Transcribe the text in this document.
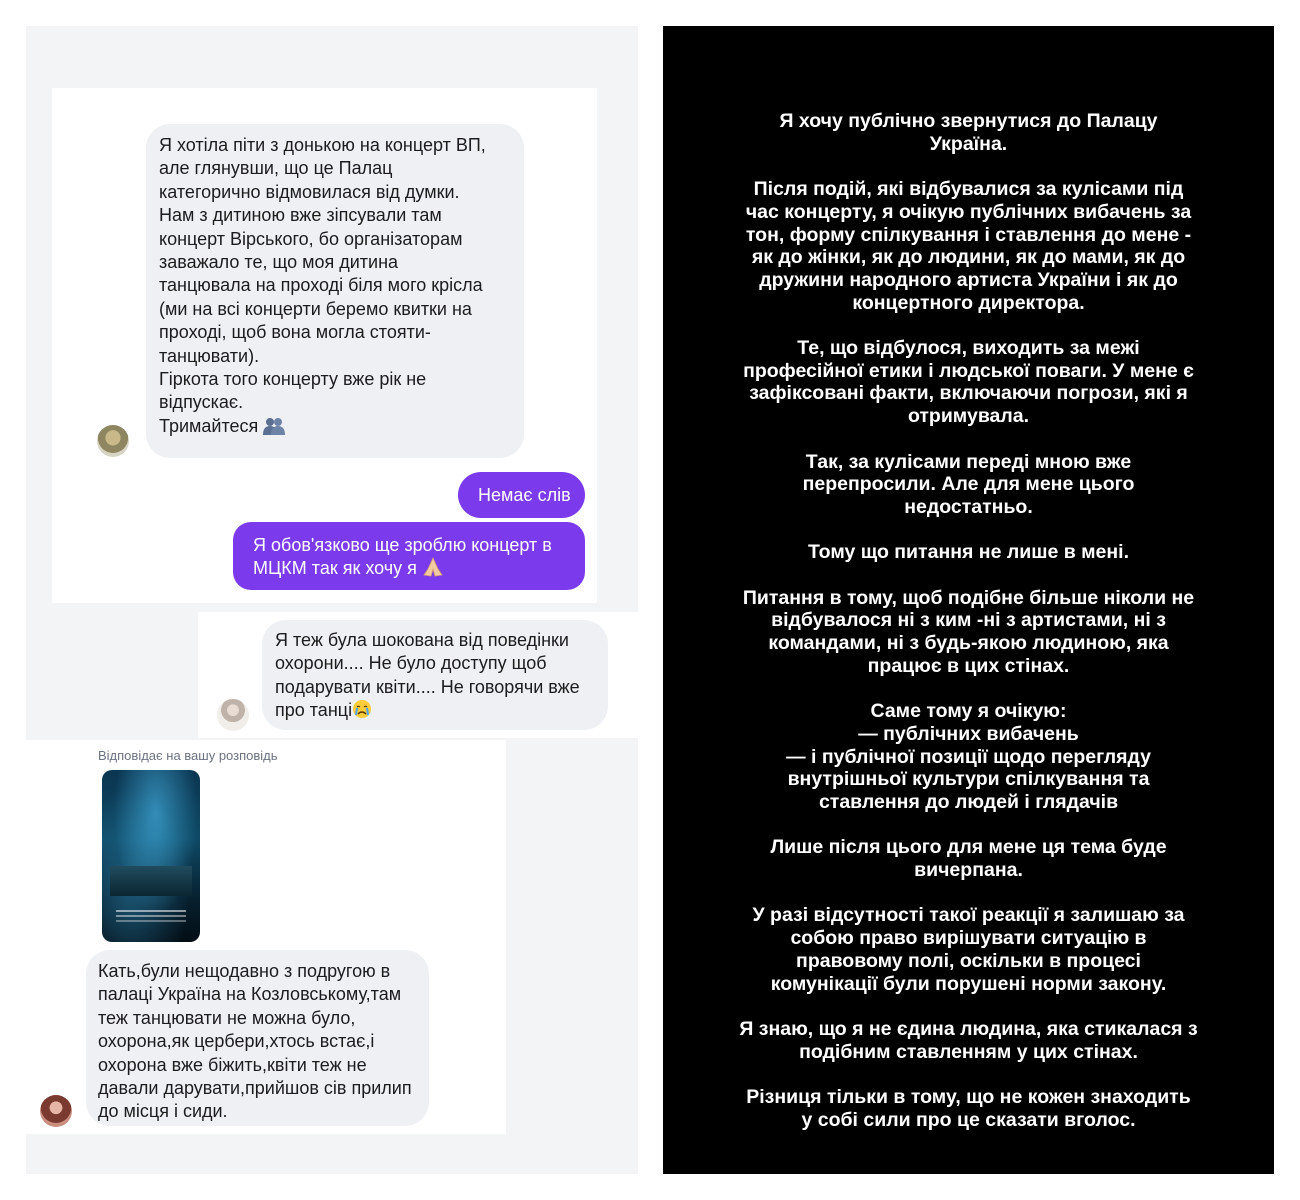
Я хотіла піти з донькою на концерт ВП,
але глянувши, що це Палац
категорично відмовилася від думки.
Нам з дитиною вже зіпсували там
концерт Вірського, бо організаторам
заважало те, що моя дитина
танцювала на проході біля мого крісла
(ми на всі концерти беремо квитки на
проході, щоб вона могла стояти-
танцювати).
Гіркота того концерту вже рік не
відпускає.
Тримайтеся
Немає слів
Я обов'язково ще зроблю концерт в
МЦКМ так як хочу я
Я теж була шокована від поведінки
охорони.... Не було доступу щоб
подарувати квіти.... Не говорячи вже
про танці
Відповідає на вашу розповідь
Кать,були нещодавно з подругою в
палаці Україна на Козловському,там
теж танцювати не можна було,
охорона,як цербери,хтось встає,і
охорона вже біжить,квіти теж не
давали дарувати,прийшов сів прилип
до місця і сиди.
Я хочу публічно звернутися до Палацу
Україна.
Після подій, які відбувалися за кулісами під
час концерту, я очікую публічних вибачень за
тон, форму спілкування і ставлення до мене -
як до жінки, як до людини, як до мами, як до
дружини народного артиста України і як до
концертного директора.
Те, що відбулося, виходить за межі
професійної етики і людської поваги. У мене є
зафіксовані факти, включаючи погрози, які я
отримувала.
Так, за кулісами переді мною вже
перепросили. Але для мене цього
недостатньо.
Тому що питання не лише в мені.
Питання в тому, щоб подібне більше ніколи не
відбувалося ні з ким -ні з артистами, ні з
командами, ні з будь-якою людиною, яка
працює в цих стінах.
Саме тому я очікую:
— публічних вибачень
— і публічної позиції щодо перегляду
внутрішньої культури спілкування та
ставлення до людей і глядачів
Лише після цього для мене ця тема буде
вичерпана.
У разі відсутності такої реакції я залишаю за
собою право вирішувати ситуацію в
правовому полі, оскільки в процесі
комунікації були порушені норми закону.
Я знаю, що я не єдина людина, яка стикалася з
подібним ставленням у цих стінах.
Різниця тільки в тому, що не кожен знаходить
у собі сили про це сказати вголос.
